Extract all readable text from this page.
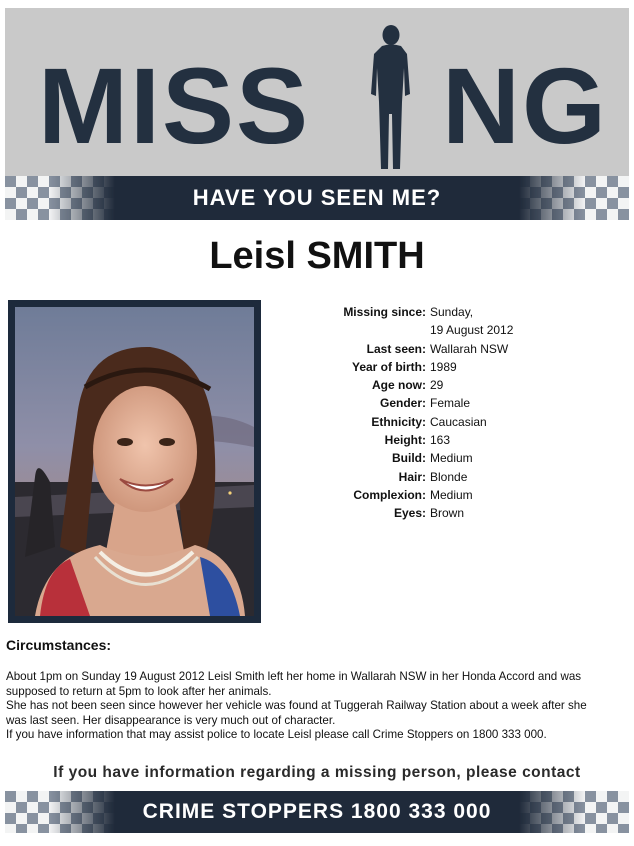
MISS NG
HAVE YOU SEEN ME?
Leisl SMITH
Missing since: Sunday,
19 August 2012
Last seen: Wallarah NSW
Year of birth: 1989
Age now: 29
Gender: Female
Ethnicity: Caucasian
Height: 163
Build: Medium
Hair: Blonde
Complexion: Medium
Eyes: Brown
Circumstances:

About 1pm on Sunday 19 August 2012 Leisl Smith left her home in Wallarah NSW in her Honda Accord and was

supposed to return at 5pm to look after her animals.

She has not been seen since however her vehicle was found at Tuggerah Railway Station about a week after she

was last seen. Her disappearance is very much out of character.

If you have information that may assist police to locate Leisl please call Crime Stoppers on 1800 333 000.

If you have information regarding a missing person, please contact
CRIME STOPPERS 1800 333 000
